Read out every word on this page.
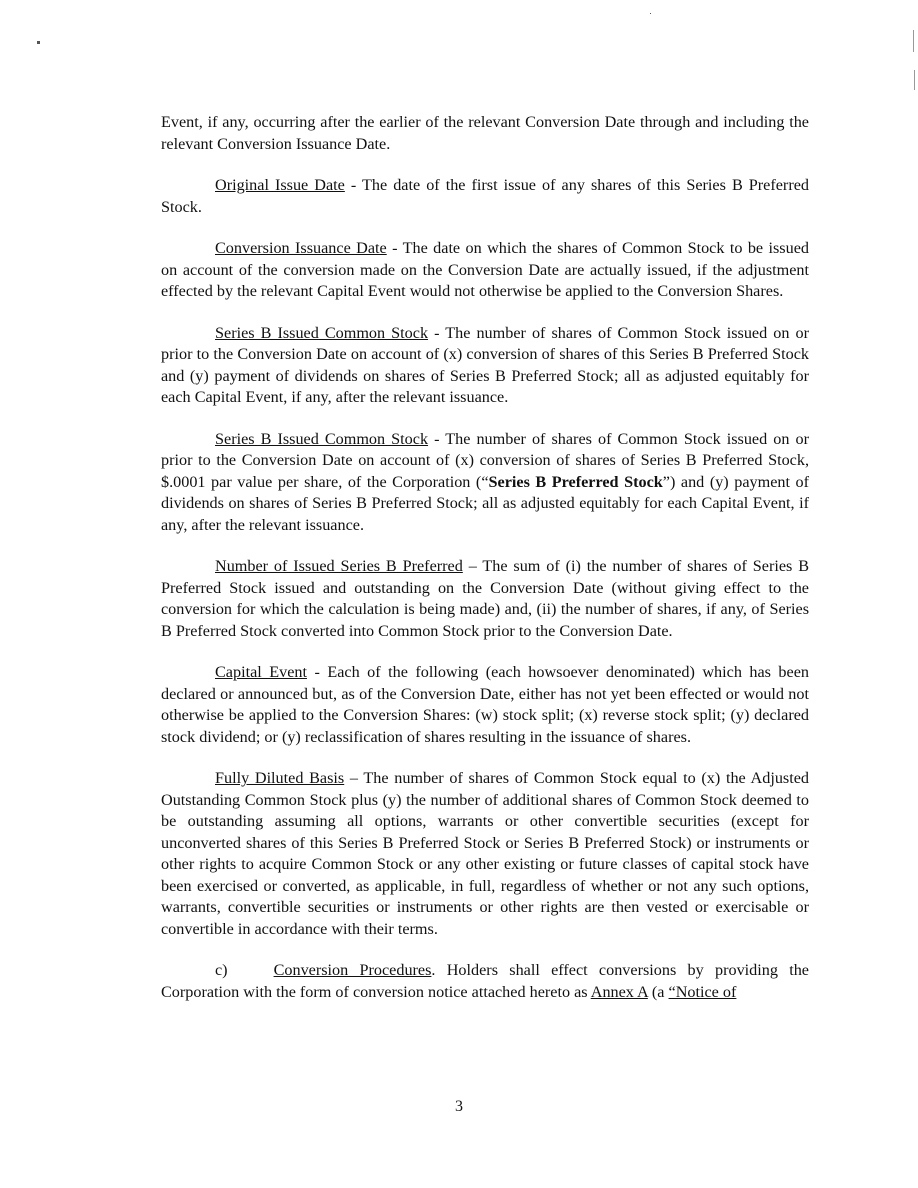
Event, if any, occurring after the earlier of the relevant Conversion Date through and including the relevant Conversion Issuance Date.

Original Issue Date - The date of the first issue of any shares of this Series B Preferred Stock.

Conversion Issuance Date - The date on which the shares of Common Stock to be issued on account of the conversion made on the Conversion Date are actually issued, if the adjustment effected by the relevant Capital Event would not otherwise be applied to the Conversion Shares.

Series B Issued Common Stock - The number of shares of Common Stock issued on or prior to the Conversion Date on account of (x) conversion of shares of this Series B Preferred Stock and (y) payment of dividends on shares of Series B Preferred Stock; all as adjusted equitably for each Capital Event, if any, after the relevant issuance.

Series B Issued Common Stock - The number of shares of Common Stock issued on or prior to the Conversion Date on account of (x) conversion of shares of Series B Preferred Stock, $.0001 par value per share, of the Corporation (“Series B Preferred Stock”) and (y) payment of dividends on shares of Series B Preferred Stock; all as adjusted equitably for each Capital Event, if any, after the relevant issuance.

Number of Issued Series B Preferred – The sum of (i) the number of shares of Series B Preferred Stock issued and outstanding on the Conversion Date (without giving effect to the conversion for which the calculation is being made) and, (ii) the number of shares, if any, of Series B Preferred Stock converted into Common Stock prior to the Conversion Date.

Capital Event - Each of the following (each howsoever denominated) which has been declared or announced but, as of the Conversion Date, either has not yet been effected or would not otherwise be applied to the Conversion Shares: (w) stock split; (x) reverse stock split; (y) declared stock dividend; or (y) reclassification of shares resulting in the issuance of shares.

Fully Diluted Basis – The number of shares of Common Stock equal to (x) the Adjusted Outstanding Common Stock plus (y) the number of additional shares of Common Stock deemed to be outstanding assuming all options, warrants or other convertible securities (except for unconverted shares of this Series B Preferred Stock or Series B Preferred Stock) or instruments or other rights to acquire Common Stock or any other existing or future classes of capital stock have been exercised or converted, as applicable, in full, regardless of whether or not any such options, warrants, convertible securities or instruments or other rights are then vested or exercisable or convertible in accordance with their terms.

c)	Conversion Procedures. Holders shall effect conversions by providing the Corporation with the form of conversion notice attached hereto as Annex A (a “Notice of

3
